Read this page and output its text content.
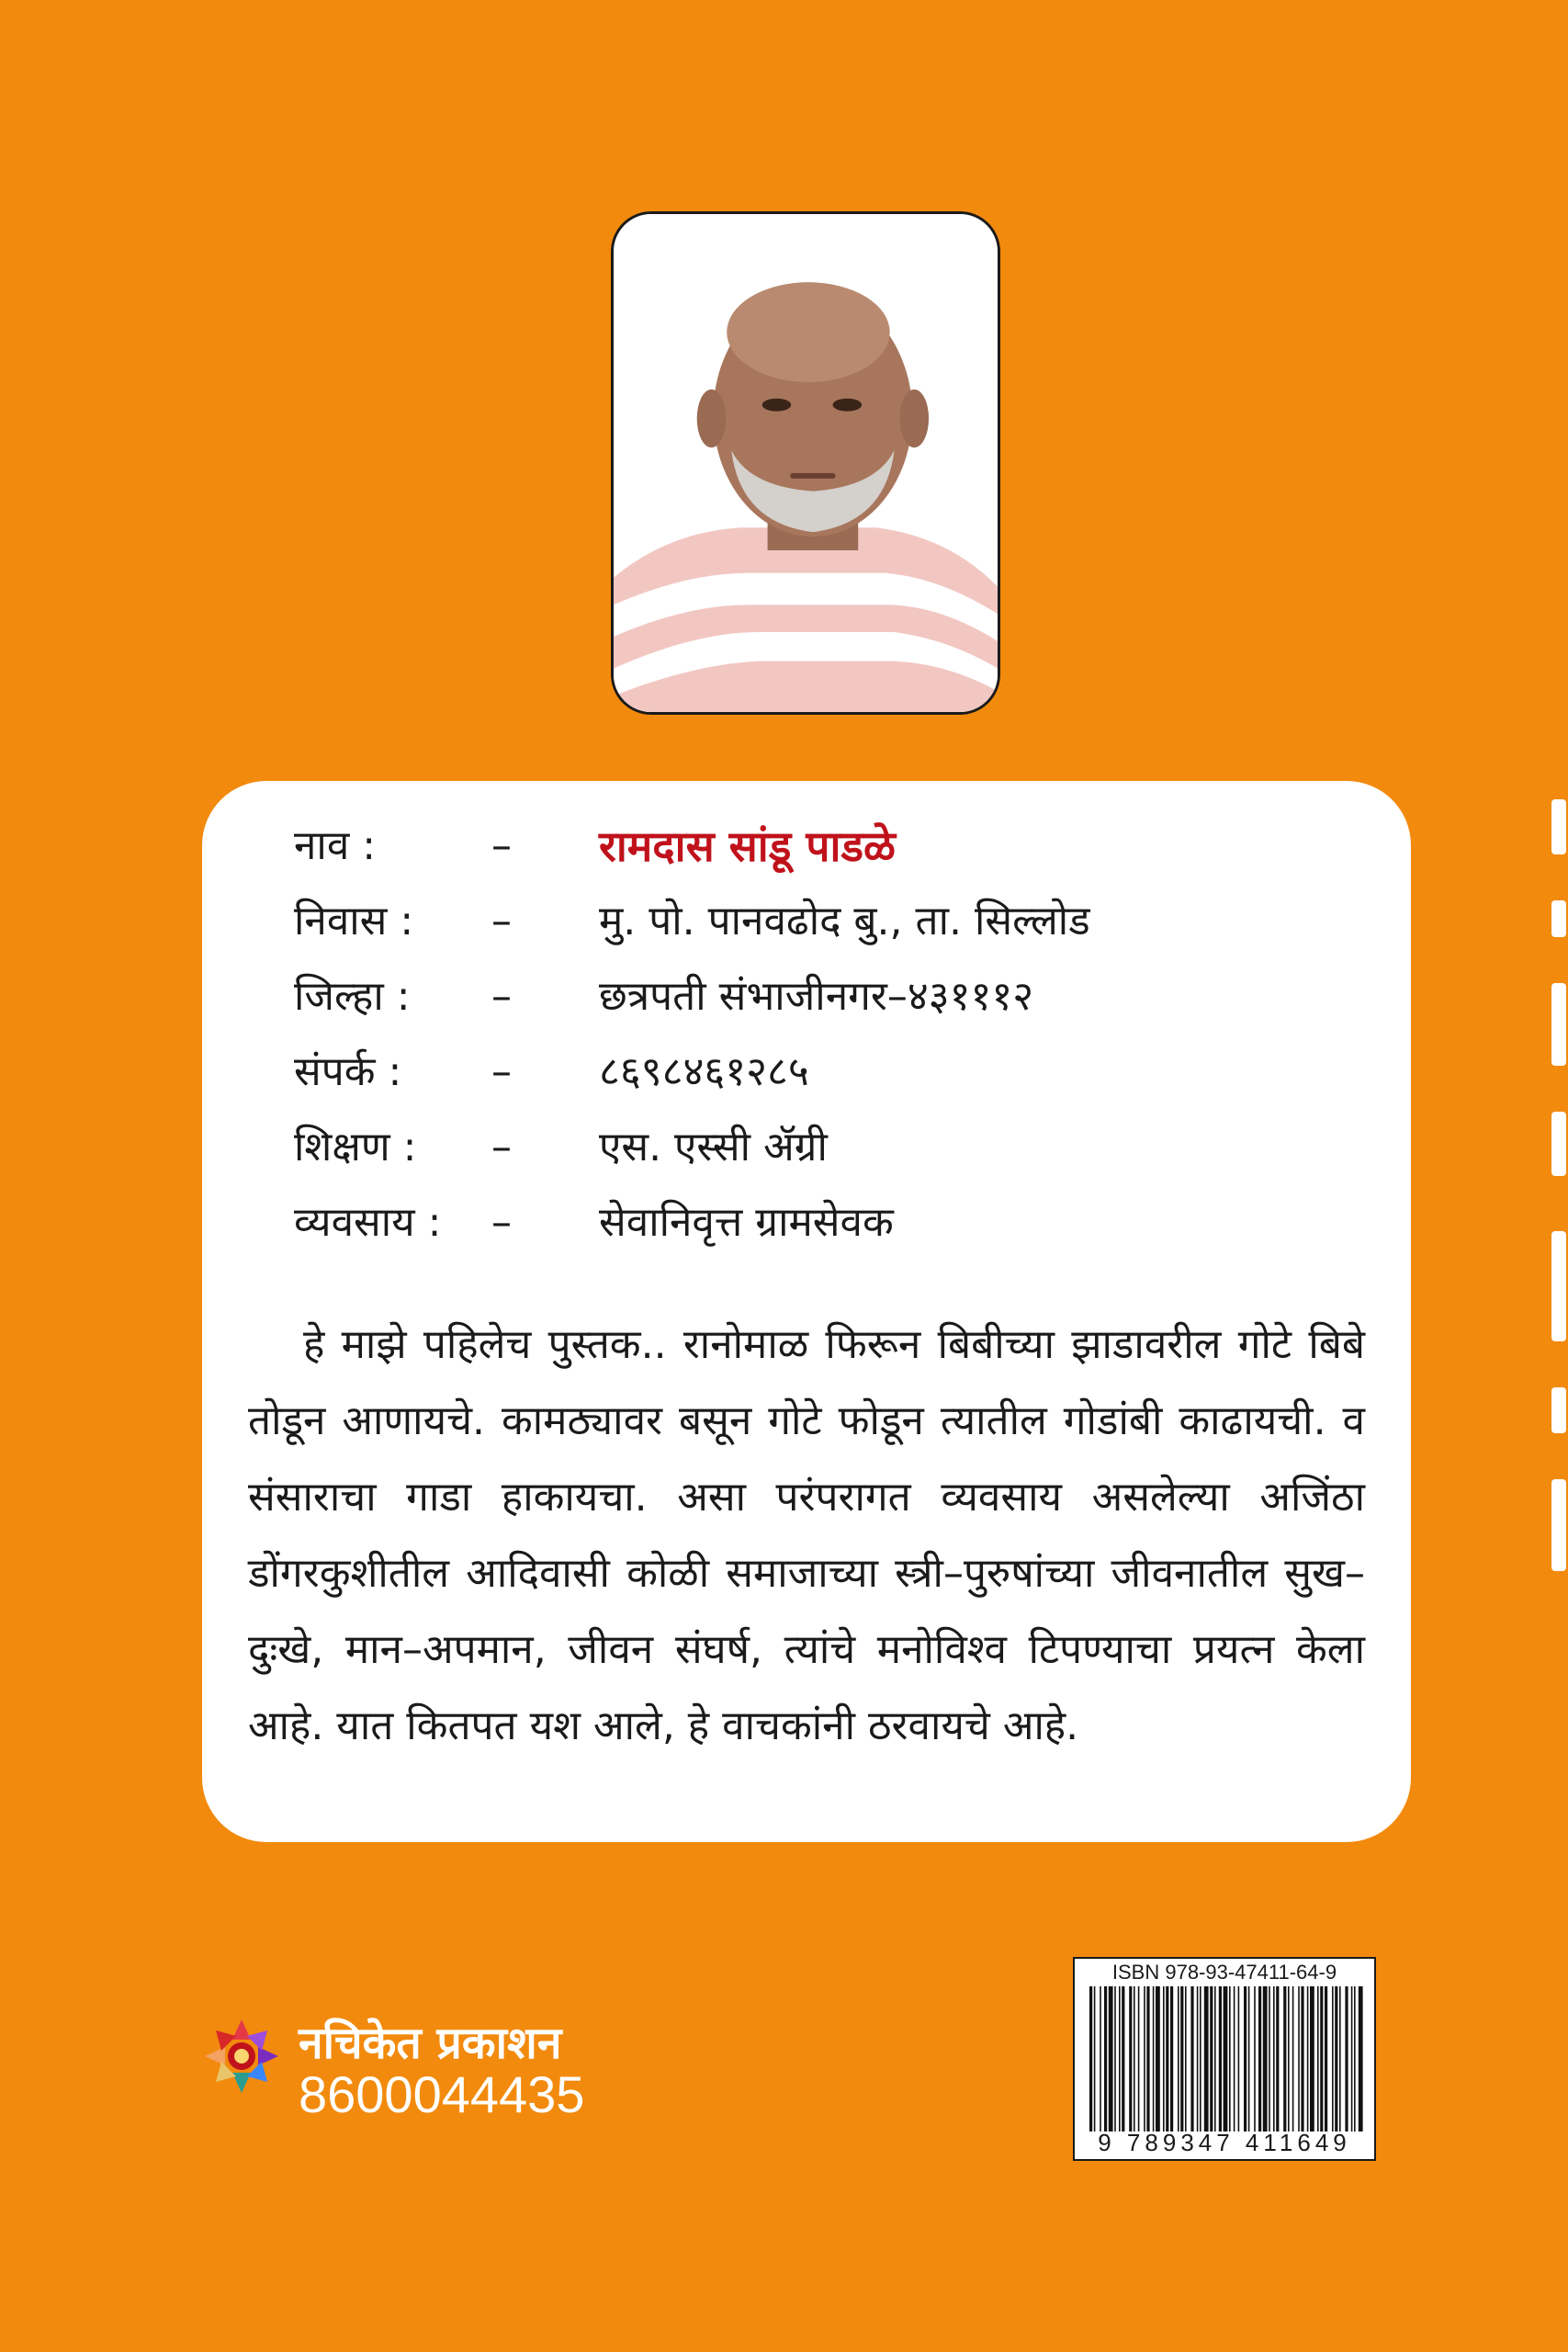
नाव :	– रामदास सांडू पाडळे
निवास : – मु. पो. पानवढोद बु., ता. सिल्लोड
जिल्हा : – छत्रपती संभाजीनगर–४३१११२
संपर्क : – ८६९८४६१२८५
शिक्षण : – एस. एस्सी ॲग्री
व्यवसाय : – सेवानिवृत्त ग्रामसेवक

हे माझे पहिलेच पुस्तक.. रानोमाळ फिरून बिबीच्या झाडावरील गोटे बिबे तोडून आणायचे. कामठ्यावर बसून गोटे फोडून त्यातील गोडांबी काढायची. व संसाराचा गाडा हाकायचा. असा परंपरागत व्यवसाय असलेल्या अजिंठा डोंगरकुशीतील आदिवासी कोळी समाजाच्या स्त्री–पुरुषांच्या जीवनातील सुख–दुःखे, मान–अपमान, जीवन संघर्ष, त्यांचे मनोविश्व टिपण्याचा प्रयत्न केला आहे. यात कितपत यश आले, हे वाचकांनी ठरवायचे आहे.

नचिकेत प्रकाशन
8600044435
ISBN 978-93-47411-64-9
9 789347 411649
